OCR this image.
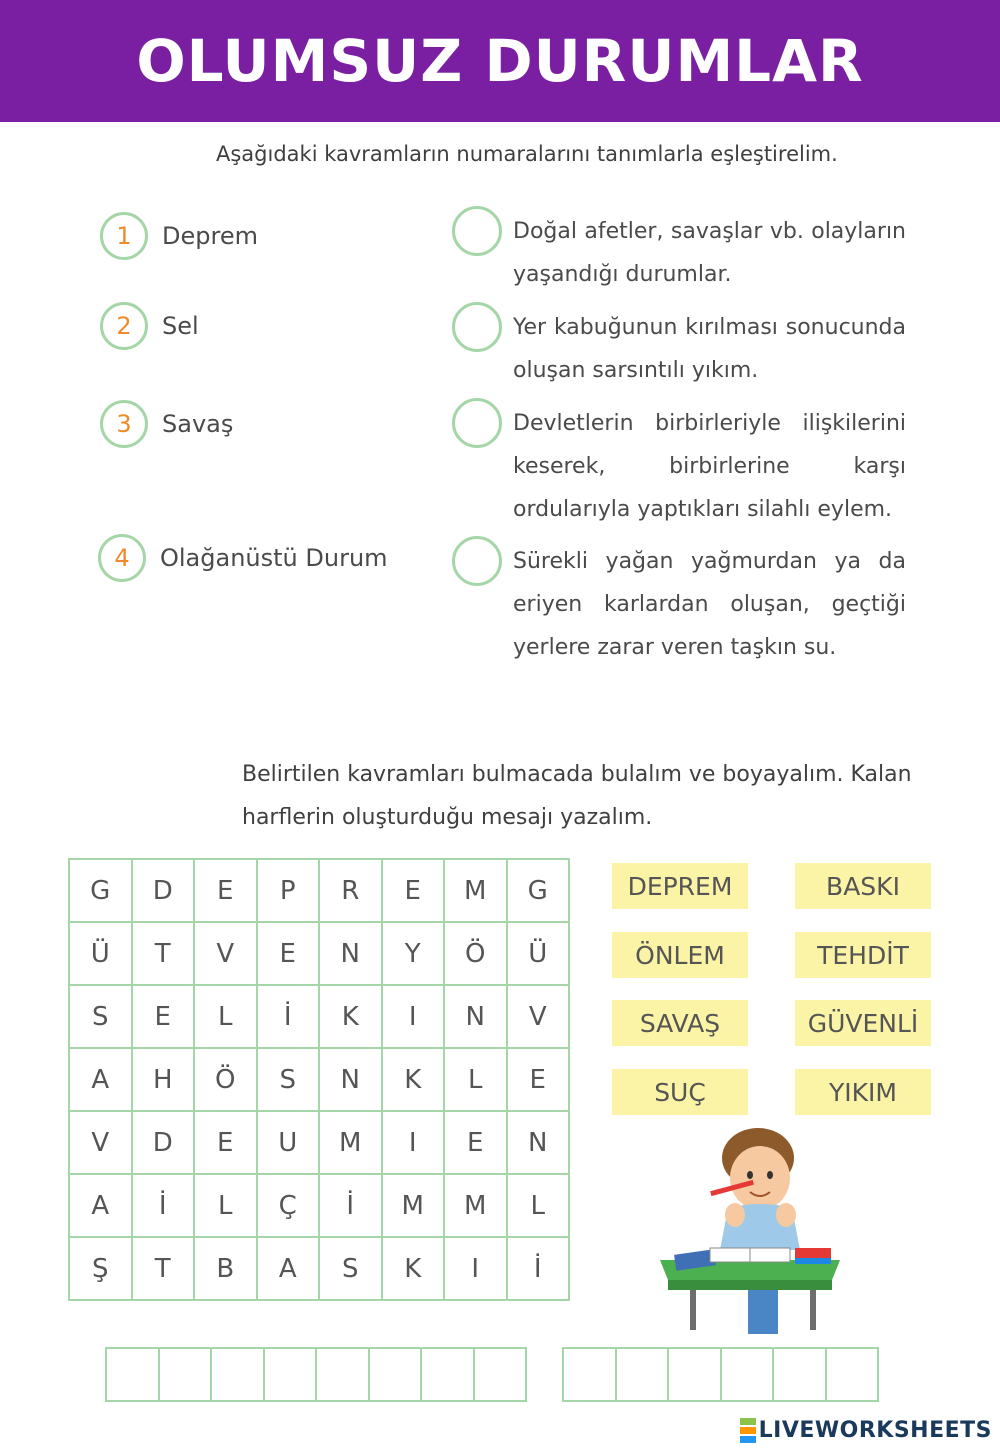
OLUMSUZ DURUMLAR
Aşağıdaki kavramların numaralarını tanımlarla eşleştirelim.
1	Deprem
2	Sel
3	Savaş
4	Olağanüstü Durum
Doğal afetler, savaşlar vb. olayların yaşandığı durumlar.
Yer kabuğunun kırılması sonucunda oluşan sarsıntılı yıkım.
Devletlerin birbirleriyle ilişkilerini keserek, birbirlerine karşı ordularıyla yaptıkları silahlı eylem.
Sürekli yağan yağmurdan ya da eriyen karlardan oluşan, geçtiği yerlere zarar veren taşkın su.
Belirtilen kavramları bulmacada bulalım ve boyayalım. Kalan
harflerin oluşturduğu mesajı yazalım.
G	D	E	P	R	E	M	G
Ü	T	V	E	N	Y	Ö	Ü
S	E	L	İ	K	I	N	V
A	H	Ö	S	N	K	L	E
V	D	E	U	M	I	E	N
A	İ	L	Ç	İ	M	M	L
Ş	T	B	A	S	K	I	İ
DEPREM	BASKI
ÖNLEM	TEHDİT
SAVAŞ	GÜVENLİ
SUÇ	YIKIM
LIVEWORKSHEETS
